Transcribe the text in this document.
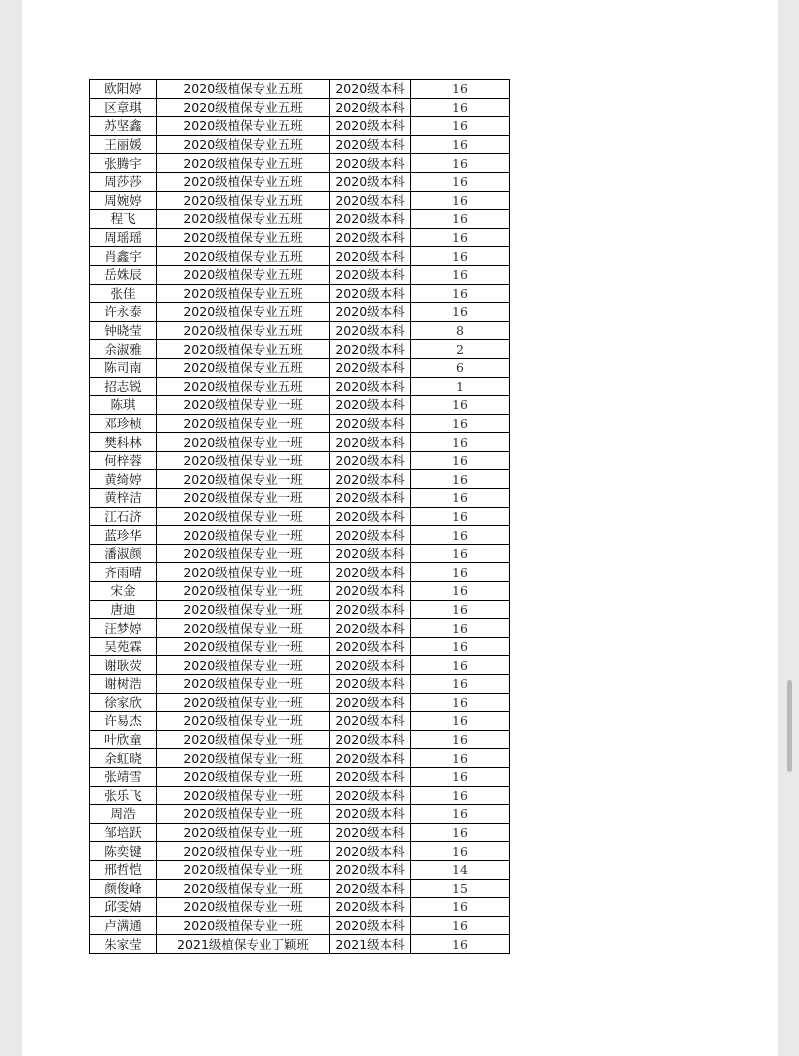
欧阳婷	2020级植保专业五班	2020级本科	16
区章琪	2020级植保专业五班	2020级本科	16
苏坚鑫	2020级植保专业五班	2020级本科	16
王丽媛	2020级植保专业五班	2020级本科	16
张腾宇	2020级植保专业五班	2020级本科	16
周莎莎	2020级植保专业五班	2020级本科	16
周婉婷	2020级植保专业五班	2020级本科	16
程飞	2020级植保专业五班	2020级本科	16
周瑶瑶	2020级植保专业五班	2020级本科	16
肖鑫宇	2020级植保专业五班	2020级本科	16
岳姝辰	2020级植保专业五班	2020级本科	16
张佳	2020级植保专业五班	2020级本科	16
许永泰	2020级植保专业五班	2020级本科	16
钟晓莹	2020级植保专业五班	2020级本科	8
余淑雅	2020级植保专业五班	2020级本科	2
陈司南	2020级植保专业五班	2020级本科	6
招志锐	2020级植保专业五班	2020级本科	1
陈琪	2020级植保专业一班	2020级本科	16
邓珍桢	2020级植保专业一班	2020级本科	16
樊科林	2020级植保专业一班	2020级本科	16
何梓蓉	2020级植保专业一班	2020级本科	16
黄绮婷	2020级植保专业一班	2020级本科	16
黄梓洁	2020级植保专业一班	2020级本科	16
江石济	2020级植保专业一班	2020级本科	16
蓝珍华	2020级植保专业一班	2020级本科	16
潘淑颜	2020级植保专业一班	2020级本科	16
齐雨晴	2020级植保专业一班	2020级本科	16
宋金	2020级植保专业一班	2020级本科	16
唐迪	2020级植保专业一班	2020级本科	16
汪梦婷	2020级植保专业一班	2020级本科	16
吴苑霖	2020级植保专业一班	2020级本科	16
谢耿荧	2020级植保专业一班	2020级本科	16
谢树浩	2020级植保专业一班	2020级本科	16
徐家欣	2020级植保专业一班	2020级本科	16
许易杰	2020级植保专业一班	2020级本科	16
叶欣童	2020级植保专业一班	2020级本科	16
余虹晓	2020级植保专业一班	2020级本科	16
张靖雪	2020级植保专业一班	2020级本科	16
张乐飞	2020级植保专业一班	2020级本科	16
周浩	2020级植保专业一班	2020级本科	16
邹培跃	2020级植保专业一班	2020级本科	16
陈奕键	2020级植保专业一班	2020级本科	16
邢哲恺	2020级植保专业一班	2020级本科	14
颜俊峰	2020级植保专业一班	2020级本科	15
邱雯婧	2020级植保专业一班	2020级本科	16
卢满通	2020级植保专业一班	2020级本科	16
朱家莹	2021级植保专业丁颖班	2021级本科	16
